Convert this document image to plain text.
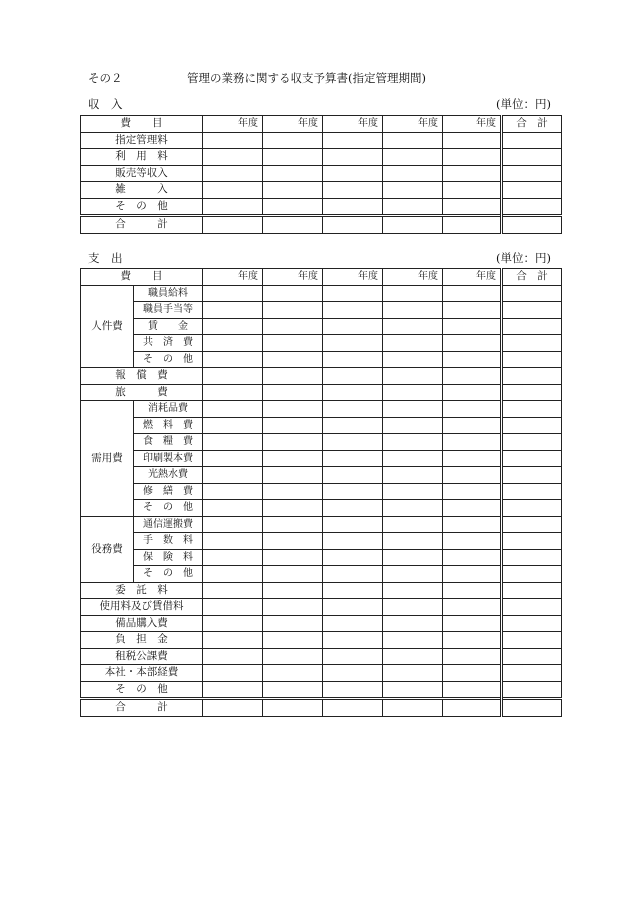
その２	管理の業務に関する収支予算書(指定管理期間)
収　入	(単位：円)
費　　目	年度	年度	年度	年度	年度	合　計
指定管理料						
利　用　料						
販売等収入						
雑　　　入						
そ　の　他						
合　　　計						
支　出	(単位：円)
費　　目		年度	年度	年度	年度	年度	合　計
人件費	職員給料						
	職員手当等						
	賃　　金						
	共　済　費						
	そ　の　他						
報　償　費							
旅　　　費							
需用費	消耗品費						
	燃　料　費						
	食　糧　費						
	印刷製本費						
	光熱水費						
	修　繕　費						
	そ　の　他						
役務費	通信運搬費						
	手　数　料						
	保　険　料						
	そ　の　他						
委　託　料							
使用料及び賃借料							
備品購入費							
負　担　金							
租税公課費							
本社・本部経費							
そ　の　他							
合　　　計							
